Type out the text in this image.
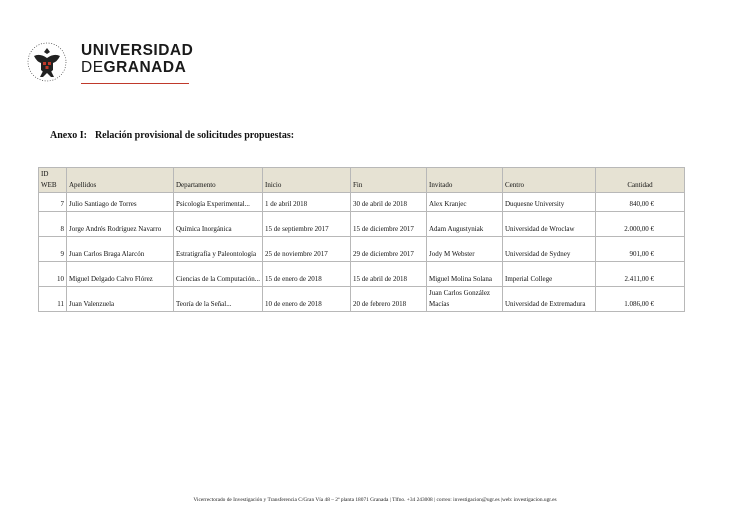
UNIVERSIDAD
DEGRANADA
Anexo I: Relación provisional de solicitudes propuestas:
ID WEB	Apellidos	Departamento	Inicio	Fin	Invitado	Centro	Cantidad
7	Julio Santiago de Torres	Psicología Experimental...	1 de abril 2018	30 de abril de 2018	Alex Kranjec	Duquesne University	840,00 €
8	Jorge Andrés Rodríguez Navarro	Química Inorgánica	15 de septiembre 2017	15 de diciembre 2017	Adam Augustyniak	Universidad de Wroclaw	2.000,00 €
9	Juan Carlos Braga Alarcón	Estratigrafía y Paleontología	25 de noviembre 2017	29 de diciembre 2017	Jody M Webster	Universidad de Sydney	901,00 €
10	Miguel Delgado Calvo Flórez	Ciencias de la Computación...	15 de enero de 2018	15 de abril de 2018	Miguel Molina Solana	Imperial College	2.411,00 €
11	Juan Valenzuela	Teoría de la Señal...	10 de enero de 2018	20 de febrero 2018	Juan Carlos González Macías	Universidad de Extremadura	1.086,00 €
Vicerrectorado de Investigación y Transferencia C/Gran Vía 48 – 2ª planta 18071 Granada | Tlfno. +34 243008 | correo: investigacion@ugr.es |web: investigacion.ugr.es
